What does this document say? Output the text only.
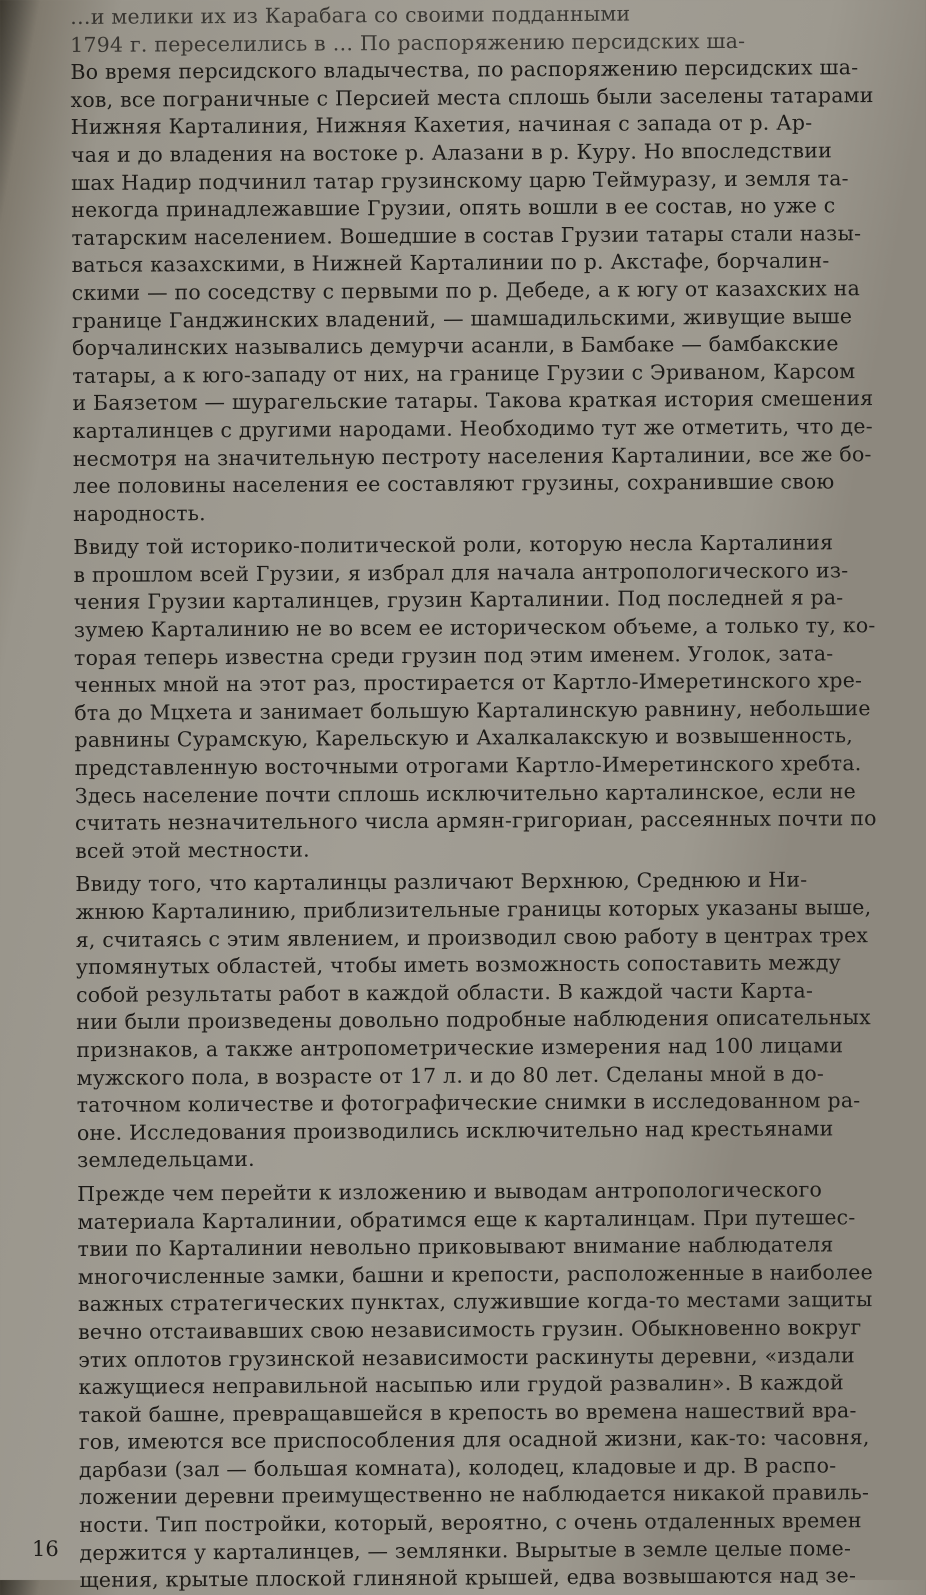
…и мелики их из Карабага со своими подданными
1794 г. переселились в … По распоряжению персидских ша-
Во время персидского владычества, по распоряжению персидских ша-
хов, все пограничные с Персией места сплошь были заселены татарами
Нижняя Карталиния, Нижняя Кахетия, начиная с запада от р. Ар-
чая и до владения на востоке р. Алазани в р. Куру. Но впоследствии
шах Надир подчинил татар грузинскому царю Теймуразу, и земля та-
некогда принадлежавшие Грузии, опять вошли в ее состав, но уже с
татарским населением. Вошедшие в состав Грузии татары стали назы-
ваться казахскими, в Нижней Карталинии по р. Акстафе, борчалин-
скими — по соседству с первыми по р. Дебеде, а к югу от казахских на
границе Ганджинских владений, — шамшадильскими, живущие выше
борчалинских назывались демурчи асанли, в Бамбаке — бамбакские
татары, а к юго-западу от них, на границе Грузии с Эриваном, Карсом
и Баязетом — шурагельские татары. Такова краткая история смешения
карталинцев с другими народами. Необходимо тут же отметить, что де-
несмотря на значительную пестроту населения Карталинии, все же бо-
лее половины населения ее составляют грузины, сохранившие свою
народность.
Ввиду той историко-политической роли, которую несла Карталиния
в прошлом всей Грузии, я избрал для начала антропологического из-
чения Грузии карталинцев, грузин Карталинии. Под последней я ра-
зумею Карталинию не во всем ее историческом объеме, а только ту, ко-
торая теперь известна среди грузин под этим именем. Уголок, зата-
ченных мной на этот раз, простирается от Картло-Имеретинского хре-
бта до Мцхета и занимает большую Карталинскую равнину, небольшие
равнины Сурамскую, Карельскую и Ахалкалакскую и возвышенность,
представленную восточными отрогами Картло-Имеретинского хребта.
Здесь население почти сплошь исключительно карталинское, если не
считать незначительного числа армян-григориан, рассеянных почти по
всей этой местности.
Ввиду того, что карталинцы различают Верхнюю, Среднюю и Ни-
жнюю Карталинию, приблизительные границы которых указаны выше,
я, считаясь с этим явлением, и производил свою работу в центрах трех
упомянутых областей, чтобы иметь возможность сопоставить между
собой результаты работ в каждой области. В каждой части Карта-
нии были произведены довольно подробные наблюдения описательных
признаков, а также антропометрические измерения над 100 лицами
мужского пола, в возрасте от 17 л. и до 80 лет. Сделаны мной в до-
таточном количестве и фотографические снимки в исследованном ра-
оне. Исследования производились исключительно над крестьянами
земледельцами.
Прежде чем перейти к изложению и выводам антропологического
материала Карталинии, обратимся еще к карталинцам. При путешес-
твии по Карталинии невольно приковывают внимание наблюдателя
многочисленные замки, башни и крепости, расположенные в наиболее
важных стратегических пунктах, служившие когда-то местами защиты
вечно отстаивавших свою независимость грузин. Обыкновенно вокруг
этих оплотов грузинской независимости раскинуты деревни, «издали
кажущиеся неправильной насыпью или грудой развалин». В каждой
такой башне, превращавшейся в крепость во времена нашествий вра-
гов, имеются все приспособления для осадной жизни, как-то: часовня,
дарбази (зал — большая комната), колодец, кладовые и др. В распо-
ложении деревни преимущественно не наблюдается никакой правиль-
ности. Тип постройки, который, вероятно, с очень отдаленных времен
держится у карталинцев, — землянки. Вырытые в земле целые поме-
щения, крытые плоской глиняной крышей, едва возвышаются над зе-
16
